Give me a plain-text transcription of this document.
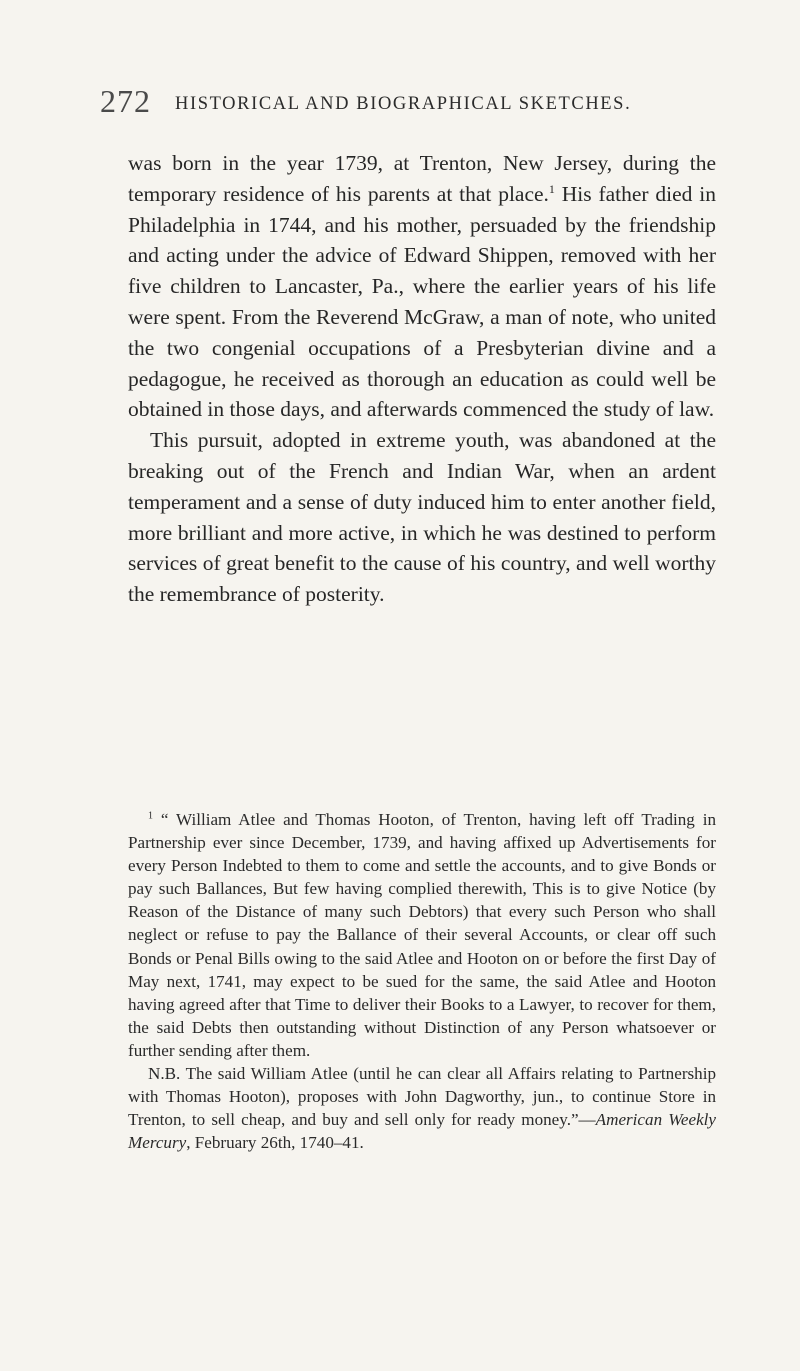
272 HISTORICAL AND BIOGRAPHICAL SKETCHES.

was born in the year 1739, at Trenton, New Jersey, during the temporary residence of his parents at that place.$^1$ His father died in Philadelphia in 1744, and his mother, persuaded by the friendship and acting under the advice of Edward Shippen, removed with her five children to Lancaster, Pa., where the earlier years of his life were spent. From the Reverend McGraw, a man of note, who united the two congenial occupations of a Presbyterian divine and a pedagogue, he received as thorough an education as could well be obtained in those days, and afterwards commenced the study of law.

This pursuit, adopted in extreme youth, was abandoned at the breaking out of the French and Indian War, when an ardent temperament and a sense of duty induced him to enter another field, more brilliant and more active, in which he was destined to perform services of great benefit to the cause of his country, and well worthy the remembrance of posterity.

$^1$ “ William Atlee and Thomas Hooton, of Trenton, having left off Trading in Partnership ever since December, 1739, and having affixed up Advertisements for every Person Indebted to them to come and settle the accounts, and to give Bonds or pay such Ballances, But few having complied therewith, This is to give Notice (by Reason of the Distance of many such Debtors) that every such Person who shall neglect or refuse to pay the Ballance of their several Accounts, or clear off such Bonds or Penal Bills owing to the said Atlee and Hooton on or before the first Day of May next, 1741, may expect to be sued for the same, the said Atlee and Hooton having agreed after that Time to deliver their Books to a Lawyer, to recover for them, the said Debts then outstanding without Distinction of any Person whatsoever or further sending after them.

N.B. The said William Atlee (until he can clear all Affairs relating to Partnership with Thomas Hooton), proposes with John Dagworthy, jun., to continue Store in Trenton, to sell cheap, and buy and sell only for ready money.”—American Weekly Mercury, February 26th, 1740–41.
